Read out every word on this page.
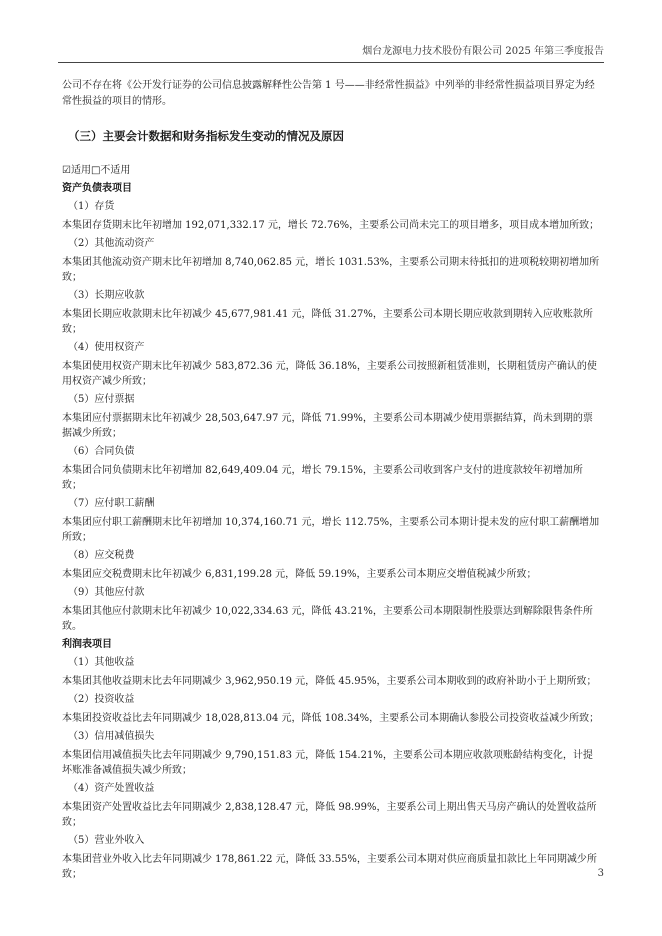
烟台龙源电力技术股份有限公司 2025 年第三季度报告

公司不存在将《公开发行证券的公司信息披露解释性公告第 1 号——非经常性损益》中列举的非经常性损益项目界定为经常性损益的项目的情形。

（三）主要会计数据和财务指标发生变动的情况及原因
☑适用□不适用
资产负债表项目
（1）存货

本集团存货期末比年初增加 192,071,332.17 元，增长 72.76%，主要系公司尚未完工的项目增多，项目成本增加所致；

（2）其他流动资产

本集团其他流动资产期末比年初增加 8,740,062.85 元，增长 1031.53%，主要系公司期末待抵扣的进项税较期初增加所致；

（3）长期应收款

本集团长期应收款期末比年初减少 45,677,981.41 元，降低 31.27%，主要系公司本期长期应收款到期转入应收账款所致；

（4）使用权资产

本集团使用权资产期末比年初减少 583,872.36 元，降低 36.18%，主要系公司按照新租赁准则，长期租赁房产确认的使用权资产减少所致；

（5）应付票据

本集团应付票据期末比年初减少 28,503,647.97 元，降低 71.99%，主要系公司本期减少使用票据结算，尚未到期的票据减少所致；

（6）合同负债

本集团合同负债期末比年初增加 82,649,409.04 元，增长 79.15%，主要系公司收到客户支付的进度款较年初增加所致；

（7）应付职工薪酬

本集团应付职工薪酬期末比年初增加 10,374,160.71 元，增长 112.75%，主要系公司本期计提未发的应付职工薪酬增加所致；

（8）应交税费

本集团应交税费期末比年初减少 6,831,199.28 元，降低 59.19%，主要系公司本期应交增值税减少所致；

（9）其他应付款

本集团其他应付款期末比年初减少 10,022,334.63 元，降低 43.21%，主要系公司本期限制性股票达到解除限售条件所致。

利润表项目
（1）其他收益

本集团其他收益期末比去年同期减少 3,962,950.19 元，降低 45.95%，主要系公司本期收到的政府补助小于上期所致；

（2）投资收益

本集团投资收益比去年同期减少 18,028,813.04 元，降低 108.34%，主要系公司本期确认参股公司投资收益减少所致；

（3）信用减值损失

本集团信用减值损失比去年同期减少 9,790,151.83 元，降低 154.21%，主要系公司本期应收款项账龄结构变化，计提坏账准备减值损失减少所致；

（4）资产处置收益

本集团资产处置收益比去年同期减少 2,838,128.47 元，降低 98.99%，主要系公司上期出售天马房产确认的处置收益所致；

（5）营业外收入

本集团营业外收入比去年同期减少 178,861.22 元，降低 33.55%，主要系公司本期对供应商质量扣款比上年同期减少所致；	3
